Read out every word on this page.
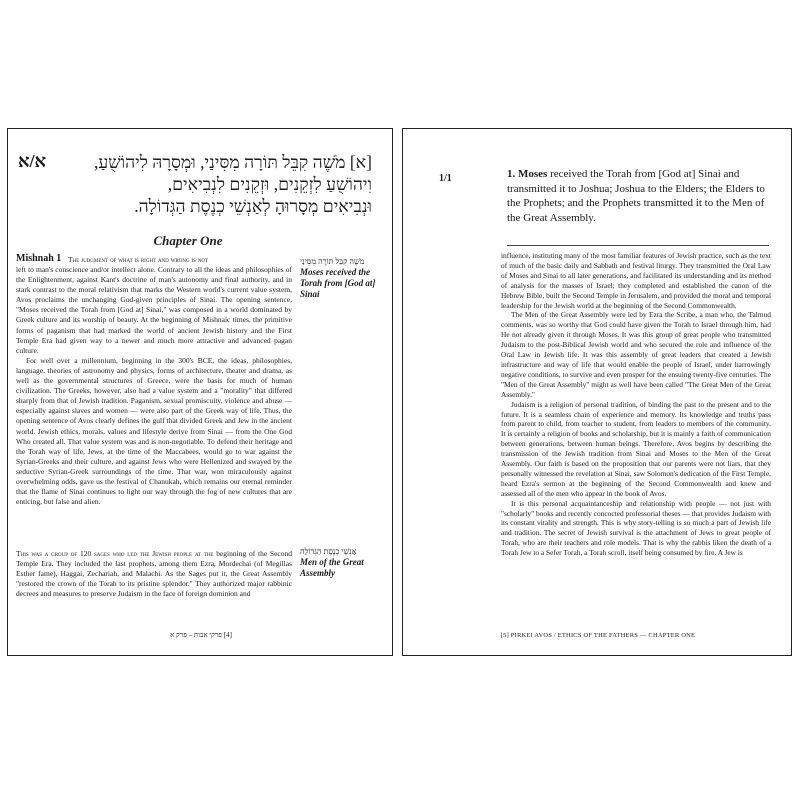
א/א	[א] מֹשֶׁה קִבֵּל תּוֹרָה מִסִּינַי, וּמְסָרָהּ לִיהוֹשֻׁעַ,
וִיהוֹשֻׁעַ לִזְקֵנִים, וּזְקֵנִים לִנְבִיאִים,
וּנְבִיאִים מְסָרוּהָ לְאַנְשֵׁי כְנֶסֶת הַגְּדוֹלָה.
Chapter One
Mishnah 1 The judgment of what is right and wrong is not

left to man's conscience and/or intellect alone. Contrary to all the ideas and philosophies of the Enlightenment, against Kant's doctrine of man's autonomy and final authority, and in stark contrast to the moral relativism that marks the Western world's current value system, Avos proclaims the unchanging God-given principles of Sinai. The opening sentence, "Moses received the Torah from [God at] Sinai," was composed in a world dominated by Greek culture and its worship of beauty. At the beginning of Mishnaic times, the primitive forms of paganism that had marked the world of ancient Jewish history and the First Temple Era had given way to a newer and much more attractive and advanced pagan culture.

For well over a millennium, beginning in the 300's BCE, the ideas, philosophies, language, theories of astronomy and physics, forms of architecture, theater and drama, as well as the governmental structures of Greece, were the basis for much of human civilization. The Greeks, however, also had a value system and a "morality" that differed sharply from that of Jewish tradition. Paganism, sexual promiscuity, violence and abuse — especially against slaves and women — were also part of the Greek way of life. Thus, the opening sentence of Avos clearly defines the gulf that divided Greek and Jew in the ancient world. Jewish ethics, morals, values and lifestyle derive from Sinai — from the One God Who created all. That value system was and is non-negotiable. To defend their heritage and the Torah way of life, Jews, at the time of the Maccabees, would go to war against the Syrian-Greeks and their culture, and against Jews who were Hellenized and swayed by the seductive Syrian-Greek surroundings of the time. That war, won miraculously against overwhelming odds, gave us the festival of Chanukah, which remains our eternal reminder that the flame of Sinai continues to light our way through the fog of new cultures that are enticing, but false and alien.

מֹשֶׁה קִבֵּל תּוֹרָה מִסִּינַי
Moses received the Torah from [God at] Sinai

This was a group of 120 sages who led the Jewish people at the beginning of the Second Temple Era. They included the last prophets, among them Ezra, Mordechai (of Megillas Esther fame), Haggai, Zechariah, and Malachi. As the Sages put it, the Great Assembly "restored the crown of the Torah to its pristine splendor." They authorized major rabbinic decrees and measures to preserve Judaism in the face of foreign dominion and

אַנְשֵׁי כְנֶסֶת הַגְּדוֹלָה
Men of the Great Assembly
[4] פרקי אבות – פרק א
1/1	1. Moses received the Torah from [God at] Sinai and transmitted it to Joshua; Joshua to the Elders; the Elders to the Prophets; and the Prophets transmitted it to the Men of the Great Assembly.

influence, instituting many of the most familiar features of Jewish practice, such as the text of much of the basic daily and Sabbath and festival liturgy. They transmitted the Oral Law of Moses and Sinai to all later generations, and facilitated its understanding and its method of analysis for the masses of Israel; they completed and established the canon of the Hebrew Bible, built the Second Temple in Jerusalem, and provided the moral and temporal leadership for the Jewish world at the beginning of the Second Commonwealth.

The Men of the Great Assembly were led by Ezra the Scribe, a man who, the Talmud comments, was so worthy that God could have given the Torah to Israel through him, had He not already given it through Moses. It was this group of great people who transmitted Judaism to the post-Biblical Jewish world and who secured the role and influence of the Oral Law in Jewish life. It was this assembly of great leaders that created a Jewish infrastructure and way of life that would enable the people of Israel, under harrowingly negative conditions, to survive and even prosper for the ensuing twenty-five centuries. The "Men of the Great Assembly" might as well have been called "The Great Men of the Great Assembly."

Judaism is a religion of personal tradition, of binding the past to the present and to the future. It is a seamless chain of experience and memory. Its knowledge and truths pass from parent to child, from teacher to student, from leaders to members of the community. It is certainly a religion of books and scholarship, but it is mainly a faith of communication between generations, between human beings. Therefore, Avos begins by describing the transmission of the Jewish tradition from Sinai and Moses to the Men of the Great Assembly. Our faith is based on the proposition that our parents were not liars, that they personally witnessed the revelation at Sinai, saw Solomon's dedication of the First Temple, heard Ezra's sermon at the beginning of the Second Commonwealth and knew and assessed all of the men who appear in the book of Avos.

It is this personal acquaintanceship and relationship with people — not just with "scholarly" books and recently concocted professorial theses — that provides Judaism with its constant vitality and strength. This is why story-telling is so much a part of Jewish life and tradition. The secret of Jewish survival is the attachment of Jews to great people of Torah, who are their teachers and role models. That is why the rabbis liken the death of a Torah Jew to a Sefer Torah, a Torah scroll, itself being consumed by fire. A Jew is

[5] PIRKEI AVOS / ETHICS OF THE FATHERS — CHAPTER ONE
